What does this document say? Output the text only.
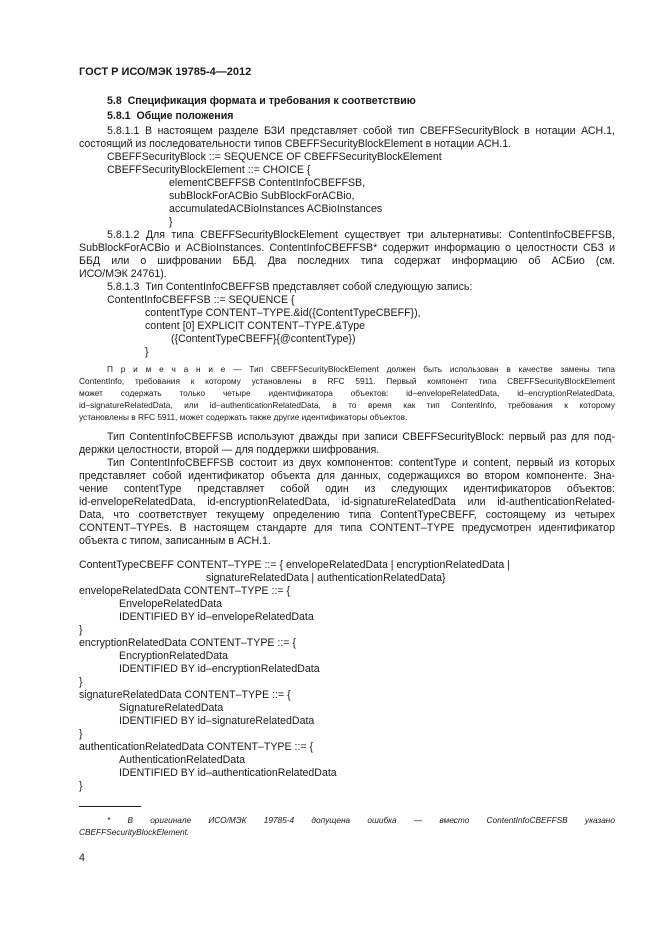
ГОСТ Р ИСО/МЭК 19785-4—2012
5.8  Спецификация формата и требования к соответствию
5.8.1  Общие положения
5.8.1.1 В настоящем разделе БЗИ представляет собой тип CBEFFSecurityBlock в нотации АСН.1,
состоящий из последовательности типов CBEFFSecurityBlockElement в нотации АСН.1.
CBEFFSecurityBlock ::= SEQUENCE OF CBEFFSecurityBlockElement
CBEFFSecurityBlockElement ::= CHOICE {
elementCBEFFSB ContentInfoCBEFFSB,
subBlockForACBio SubBlockForACBio,
accumulatedACBioInstances ACBioInstances
}
5.8.1.2 Для типа CBEFFSecurityBlockElement существует три альтернативы: ContentInfoCBEFFSB,
SubBlockForACBio и ACBioInstances. ContentInfoCBEFFSB* содержит информацию о целостности СБЗ и
ББД или о шифровании ББД. Два последних типа содержат информацию об АСБио (см.
ИСО/МЭК 24761).
5.8.1.3  Тип ContentInfoCBEFFSB представляет собой следующую запись:
ContentInfoCBEFFSB ::= SEQUENCE {
contentType CONTENT–TYPE.&id({ContentTypeCBEFF}),
content [0] EXPLICIT CONTENT–TYPE.&Type
({ContentTypeCBEFF}{@contentType})
}
П р и м е ч а н и е — Тип CBEFFSecurityBlockElement должен быть использован в качестве замены типа
ContentInfo, требования к которому установлены в RFC 5911. Первый компонент типа CBEFFSecurityBlockElement
может содержать только четыре идентификатора объектов: id–envelopeRelatedData, id–encryptionRelatedData,
id–signatureRelatedData, или id–authenticationRelatedData, в то время как тип ContentInfo, требования к которому
установлены в RFC 5911, может содержать также другие идентификаторы объектов.
Тип ContentInfoCBEFFSB используют дважды при записи CBEFFSecurityBlock: первый раз для под-
держки целостности, второй — для поддержки шифрования.
Тип ContentInfoCBEFFSB состоит из двух компонентов: contentType и content, первый из которых
представляет собой идентификатор объекта для данных, содержащихся во втором компоненте. Зна-
чение contentType представляет собой один из следующих идентификаторов объектов:
id-envelopeRelatedData, id-encryptionRelatedData, id-signatureRelatedData или id-authenticationRelated-
Data, что соответствует текущему определению типа ContentTypeCBEFF, состоящему из четырех
CONTENT–TYPEs. В настоящем стандарте для типа CONTENT–TYPE предусмотрен идентификатор
объекта с типом, записанным в АСН.1.
ContentTypeCBEFF CONTENT–TYPE ::= { envelopeRelatedData | encryptionRelatedData |
signatureRelatedData | authenticationRelatedData}
envelopeRelatedData CONTENT–TYPE ::= {
EnvelopeRelatedData
IDENTIFIED BY id–envelopeRelatedData
}
encryptionRelatedData CONTENT–TYPE ::= {
EncryptionRelatedData
IDENTIFIED BY id–encryptionRelatedData
}
signatureRelatedData CONTENT–TYPE ::= {
SignatureRelatedData
IDENTIFIED BY id–signatureRelatedData
}
authenticationRelatedData CONTENT–TYPE ::= {
AuthenticationRelatedData
IDENTIFIED BY id–authenticationRelatedData
}
* В оригинале ИСО/МЭК 19785-4 допущена ошибка — вместо ContentInfoCBEFFSB указано
CBEFFSecurityBlockElement.
4
